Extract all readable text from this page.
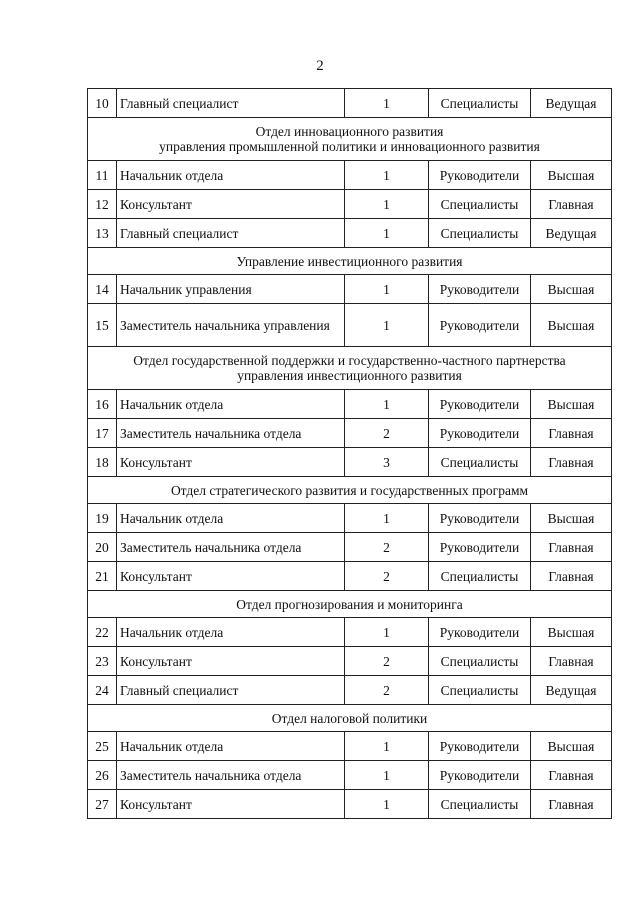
2
10	Главный специалист	1	Специалисты	Ведущая

Отдел инновационного развития
управления промышленной политики и инновационного развития				

11	Начальник отдела	1	Руководители	Высшая
12	Консультант	1	Специалисты	Главная
13	Главный специалист	1	Специалисты	Ведущая

Управление инвестиционного развития				

14	Начальник управления	1	Руководители	Высшая
15	Заместитель начальника управления	1	Руководители	Высшая

Отдел государственной поддержки и государственно-частного партнерства
управления инвестиционного развития				

16	Начальник отдела	1	Руководители	Высшая
17	Заместитель начальника отдела	2	Руководители	Главная
18	Консультант	3	Специалисты	Главная

Отдел стратегического развития и государственных программ				

19	Начальник отдела	1	Руководители	Высшая
20	Заместитель начальника отдела	2	Руководители	Главная
21	Консультант	2	Специалисты	Главная

Отдел прогнозирования и мониторинга				

22	Начальник отдела	1	Руководители	Высшая
23	Консультант	2	Специалисты	Главная
24	Главный специалист	2	Специалисты	Ведущая

Отдел налоговой политики				

25	Начальник отдела	1	Руководители	Высшая
26	Заместитель начальника отдела	1	Руководители	Главная
27	Консультант	1	Специалисты	Главная
